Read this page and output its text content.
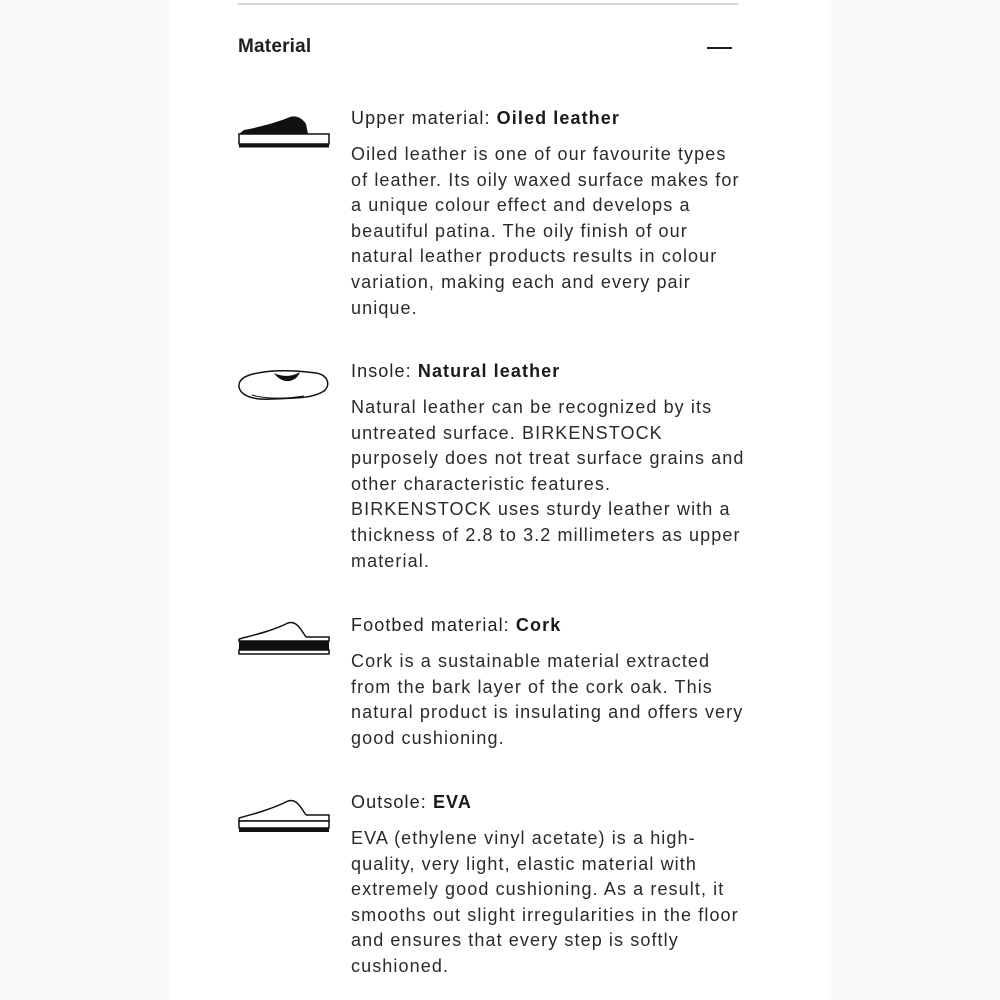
Material
Upper material: Oiled leather
Oiled leather is one of our favourite types of leather. Its oily waxed surface makes for a unique colour effect and develops a beautiful patina. The oily finish of our natural leather products results in colour variation, making each and every pair unique.
Insole: Natural leather
Natural leather can be recognized by its untreated surface. BIRKENSTOCK purposely does not treat surface grains and other characteristic features. BIRKENSTOCK uses sturdy leather with a thickness of 2.8 to 3.2 millimeters as upper material.
Footbed material: Cork
Cork is a sustainable material extracted from the bark layer of the cork oak. This natural product is insulating and offers very good cushioning.
Outsole: EVA
EVA (ethylene vinyl acetate) is a high-quality, very light, elastic material with extremely good cushioning. As a result, it smooths out slight irregularities in the floor and ensures that every step is softly cushioned.
